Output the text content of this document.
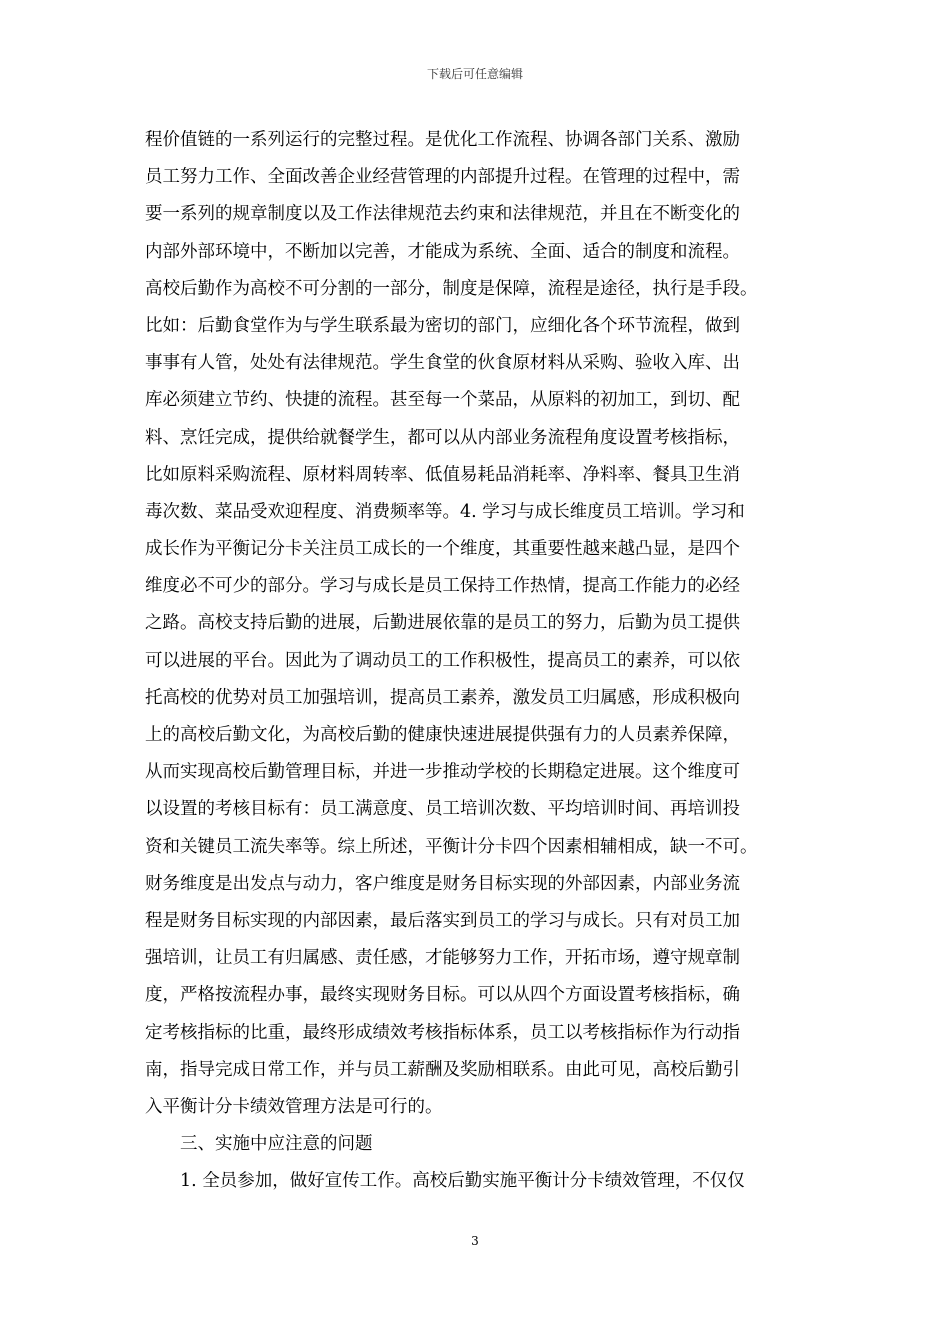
下载后可任意编辑
程价值链的一系列运行的完整过程。是优化工作流程、协调各部门关系、激励
员工努力工作、全面改善企业经营管理的内部提升过程。在管理的过程中，需
要一系列的规章制度以及工作法律规范去约束和法律规范，并且在不断变化的
内部外部环境中，不断加以完善，才能成为系统、全面、适合的制度和流程。
高校后勤作为高校不可分割的一部分，制度是保障，流程是途径，执行是手段。
比如：后勤食堂作为与学生联系最为密切的部门，应细化各个环节流程，做到
事事有人管，处处有法律规范。学生食堂的伙食原材料从采购、验收入库、出
库必须建立节约、快捷的流程。甚至每一个菜品，从原料的初加工，到切、配
料、烹饪完成，提供给就餐学生，都可以从内部业务流程角度设置考核指标，
比如原料采购流程、原材料周转率、低值易耗品消耗率、净料率、餐具卫生消
毒次数、菜品受欢迎程度、消费频率等。4. 学习与成长维度员工培训。学习和
成长作为平衡记分卡关注员工成长的一个维度，其重要性越来越凸显，是四个
维度必不可少的部分。学习与成长是员工保持工作热情，提高工作能力的必经
之路。高校支持后勤的进展，后勤进展依靠的是员工的努力，后勤为员工提供
可以进展的平台。因此为了调动员工的工作积极性，提高员工的素养，可以依
托高校的优势对员工加强培训，提高员工素养，激发员工归属感，形成积极向
上的高校后勤文化，为高校后勤的健康快速进展提供强有力的人员素养保障，
从而实现高校后勤管理目标，并进一步推动学校的长期稳定进展。这个维度可
以设置的考核目标有：员工满意度、员工培训次数、平均培训时间、再培训投
资和关键员工流失率等。综上所述，平衡计分卡四个因素相辅相成，缺一不可。
财务维度是出发点与动力，客户维度是财务目标实现的外部因素，内部业务流
程是财务目标实现的内部因素，最后落实到员工的学习与成长。只有对员工加
强培训，让员工有归属感、责任感，才能够努力工作，开拓市场，遵守规章制
度，严格按流程办事，最终实现财务目标。可以从四个方面设置考核指标，确
定考核指标的比重，最终形成绩效考核指标体系，员工以考核指标作为行动指
南，指导完成日常工作，并与员工薪酬及奖励相联系。由此可见，高校后勤引
入平衡计分卡绩效管理方法是可行的。
三、实施中应注意的问题
1. 全员参加，做好宣传工作。高校后勤实施平衡计分卡绩效管理，不仅仅
3
